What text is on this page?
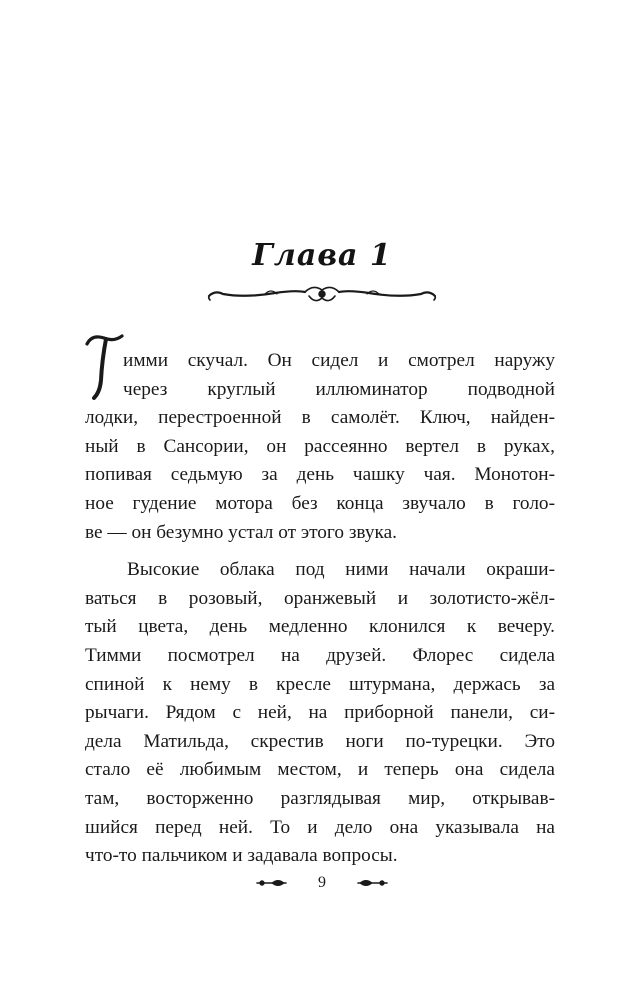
Глава 1
имми скучал. Он сидел и смотрел наружу
через круглый иллюминатор подводной
лодки, перестроенной в самолёт. Ключ, найден-
ный в Сансории, он рассеянно вертел в руках,
попивая седьмую за день чашку чая. Монотон-
ное гудение мотора без конца звучало в голо-
ве — он безумно устал от этого звука.
Высокие облака под ними начали окраши-
ваться в розовый, оранжевый и золотисто-жёл-
тый цвета, день медленно клонился к вечеру.
Тимми посмотрел на друзей. Флорес сидела
спиной к нему в кресле штурмана, держась за
рычаги. Рядом с ней, на приборной панели, си-
дела Матильда, скрестив ноги по-турецки. Это
стало её любимым местом, и теперь она сидела
там, восторженно разглядывая мир, открывав-
шийся перед ней. То и дело она указывала на
что-то пальчиком и задавала вопросы.
9
